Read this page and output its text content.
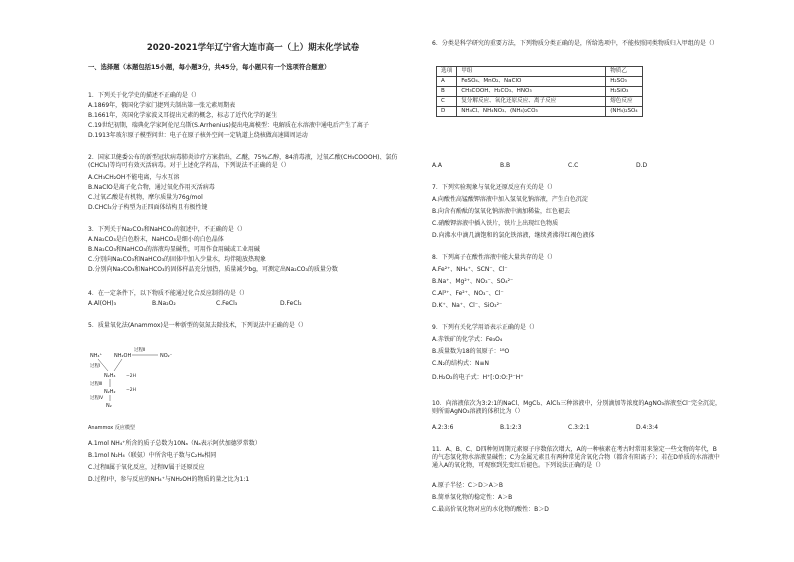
2020-2021学年辽宁省大连市高一（上）期末化学试卷
一、选择题（本题包括15小题，每小题3分，共45分，每小题只有一个选项符合题意）
1．下列关于化学史的描述不正确的是（）
A.1869年，俄国化学家门捷列夫制出第一张元素周期表
B.1661年，英国化学家波义耳提出元素的概念，标志了近代化学的诞生
C.19世纪初期，瑞典化学家阿伦尼乌斯(S.Arrhenius)提出电离模型：电解质在水溶液中通电后产生了离子
D.1913年玻尔原子模型问世：电子在原子核外空间一定轨道上绕核做高速圆周运动
2．国家卫健委公布的新型冠状病毒肺炎诊疗方案指出，乙醚，75%乙醇，84消毒液，过氧乙酸(CH₃COOOH)、氯仿(CHCl₃)等均可有效灭活病毒。对于上述化学药品，下列说法不正确的是（）
A.CH₃CH₂OH不能电离，与水互溶
B.NaClO是离子化合物，通过氧化作用灭活病毒
C.过氧乙酸是有机物，摩尔质量为76g/mol
D.CHCl₃分子构型为正四面体结构且有极性键
3．下列关于Na₂CO₃和NaHCO₃的叙述中，不正确的是（）
A.Na₂CO₃是白色粉末，NaHCO₃是细小的白色晶体
B.Na₂CO₃和NaHCO₃的溶液均显碱性，可用作食用碱或工业用碱
C.分别向Na₂CO₃和NaHCO₃的固体中加入少量水，均伴随放热现象
D.分别向Na₂CO₃和NaHCO₃的固体样品充分加热，质量减少bg，可测定出Na₂CO₃的质量分数
4．在一定条件下，以下物质不能通过化合反应制得的是（）
A.Al(OH)₃	B.Na₂O₂	C.FeCl₃	D.FeCl₂
5．质量氧化法(Anammox)是一种新型的氨氮去除技术，下列说法中正确的是（）
NH₄⁺ NH₂OH	NO₂⁻
过程Ⅱ
过程Ⅰ
N₂H₄ −2H
过程Ⅲ
N₂H₂ −2H
过程Ⅳ
N₂
Anammox 反应模型
A.1mol NH₄⁺所含的质子总数为10Nₐ（Nₐ表示阿伏加德罗常数）
B.1mol N₂H₄（联氨）中所含电子数与C₂H₆相同
C.过程Ⅱ属于氧化反应，过程Ⅳ属于还原反应
D.过程Ⅰ中，参与反应的NH₄⁺与NH₂OH的物质的量之比为1:1
6．分类是科学研究的重要方法，下列物质分类正确的是，所给选项中，不能按照同类物质归入甲组的是（）
选项	甲组	物质乙
A	FeSO₄、MnO₂、NaClO	H₂SO₃
B	CH₃COOH、H₂CO₃、HNO₃	H₂SiO₃
C	复分解反应、氧化还原反应、离子反应	熔色反应
D	NH₄Cl、NH₄NO₃、(NH₄)₂CO₃	(NH₄)₂SO₄
A.A	B.B	C.C	D.D
7．下列实验现象与氧化还原反应有关的是（）
A.向酸性高锰酸钾溶液中加入氢氧化钠溶液，产生白色沉淀
B.向含有酚酞的氢氧化钠溶液中滴加稀盐，红色褪去
C.硝酸钾溶液中插入铁片，铁片上出现红色物质
D.向沸水中滴几滴饱和的氯化铁溶液，继续煮沸得红褐色液体
8．下列离子在酸性溶液中能大量共存的是（）
A.Fe²⁺、NH₄⁺、SCN⁻、Cl⁻
B.Na⁺、Mg²⁺、NO₃⁻、SO₄²⁻
C.Al³⁺、Fe²⁺、NO₃⁻、Cl⁻
D.K⁺、Na⁺、Cl⁻、SiO₃²⁻
9．下列有关化学用语表示正确的是（）
A.赤铁矿的化学式：Fe₃O₄
B.质量数为18的氧原子：¹⁸O
C.N₂的结构式：N≡N
D.H₂O₂的电子式：H⁺[:O:O:]²⁻H⁺
10．向溶液依次为3:2:1的NaCl、MgCl₂、AlCl₃三种溶液中，分别滴加等浓度的AgNO₃溶液至Cl⁻完全沉淀，则所需AgNO₃溶液的体积比为（）
A.2:3:6	B.1:2:3	C.3:2:1	D.4:3:4
11．A、B、C、D四种短周期元素原子序数依次增大，A的一种核素在考古时常用来鉴定一些文物的年代，B的气态氢化物水溶液显碱性；C为金属元素且有两种常见含氧化合物（都含有阳离子）；若在D单质的水溶液中通入A的氧化物，可观察到先变红后褪色。下列说法正确的是（）
A.原子半径：C＞D＞A＞B
B.简单氢化物的稳定性：A＞B
C.最高价氧化物对应的水化物的酸性：B＞D
